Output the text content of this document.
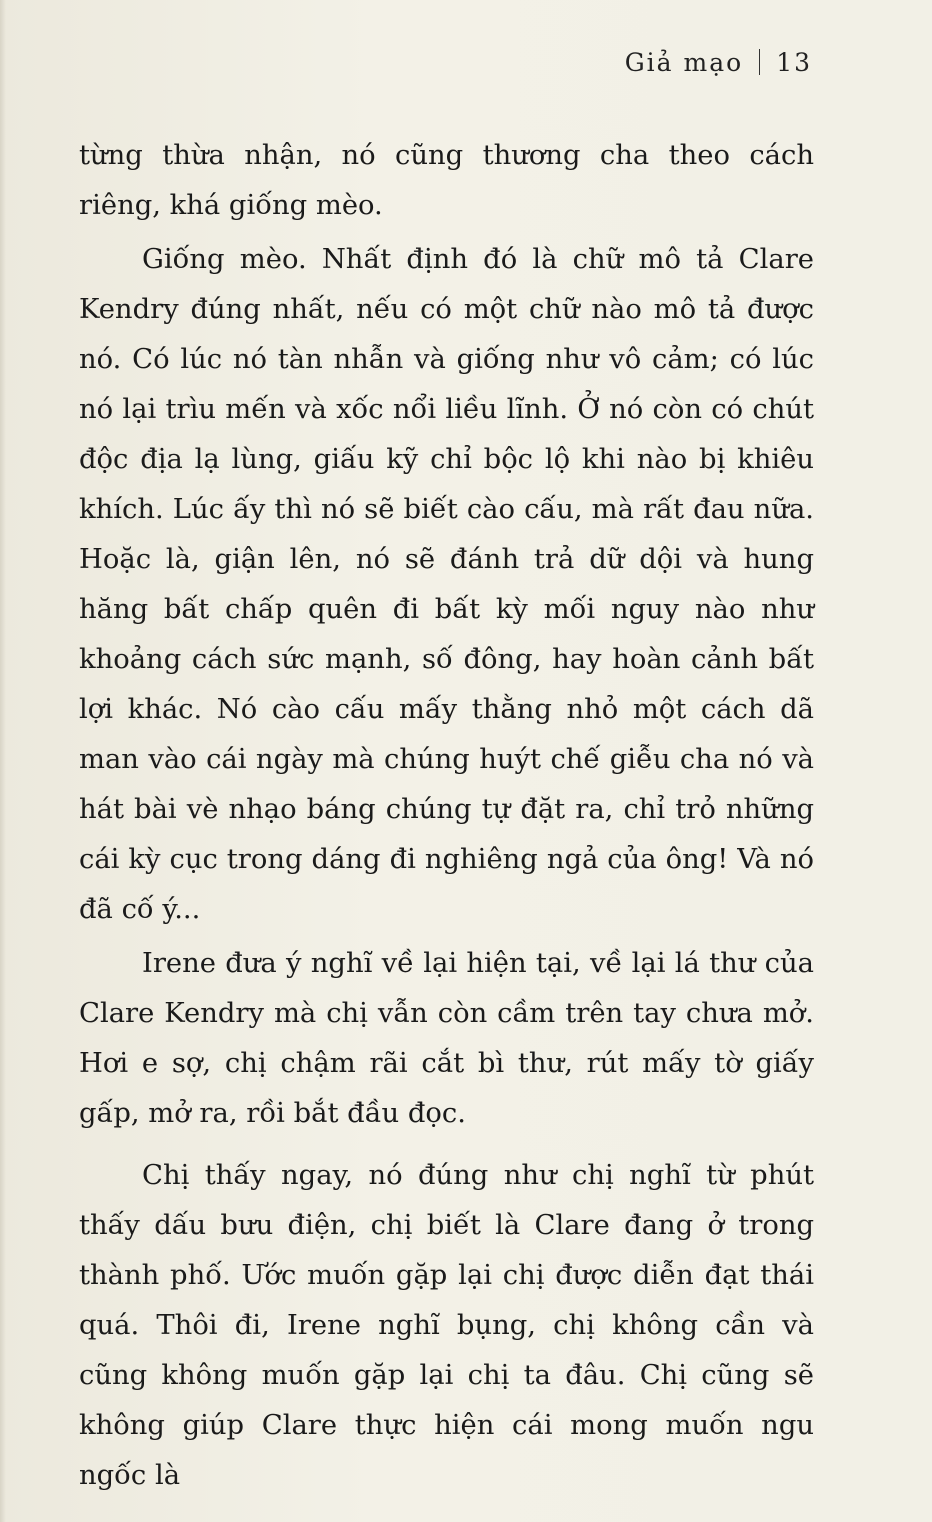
Giả mạo 13

từng thừa nhận, nó cũng thương cha theo cách riêng, khá giống mèo.

Giống mèo. Nhất định đó là chữ mô tả Clare Kendry đúng nhất, nếu có một chữ nào mô tả được nó. Có lúc nó tàn nhẫn và giống như vô cảm; có lúc nó lại trìu mến và xốc nổi liều lĩnh. Ở nó còn có chút độc địa lạ lùng, giấu kỹ chỉ bộc lộ khi nào bị khiêu khích. Lúc ấy thì nó sẽ biết cào cấu, mà rất đau nữa. Hoặc là, giận lên, nó sẽ đánh trả dữ dội và hung hăng bất chấp quên đi bất kỳ mối nguy nào như khoảng cách sức mạnh, số đông, hay hoàn cảnh bất lợi khác. Nó cào cấu mấy thằng nhỏ một cách dã man vào cái ngày mà chúng huýt chế giễu cha nó và hát bài vè nhạo báng chúng tự đặt ra, chỉ trỏ những cái kỳ cục trong dáng đi nghiêng ngả của ông! Và nó đã cố ý...

Irene đưa ý nghĩ về lại hiện tại, về lại lá thư của Clare Kendry mà chị vẫn còn cầm trên tay chưa mở. Hơi e sợ, chị chậm rãi cắt bì thư, rút mấy tờ giấy gấp, mở ra, rồi bắt đầu đọc.

Chị thấy ngay, nó đúng như chị nghĩ từ phút thấy dấu bưu điện, chị biết là Clare đang ở trong thành phố. Ước muốn gặp lại chị được diễn đạt thái quá. Thôi đi, Irene nghĩ bụng, chị không cần và cũng không muốn gặp lại chị ta đâu. Chị cũng sẽ không giúp Clare thực hiện cái mong muốn ngu ngốc là
